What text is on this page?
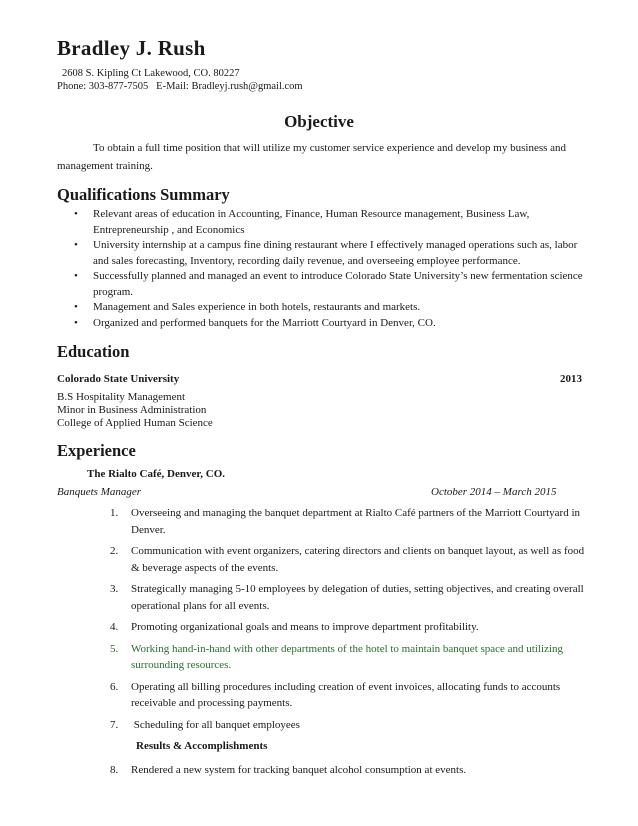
Bradley J. Rush
2608 S. Kipling Ct Lakewood, CO. 80227
Phone: 303-877-7505   E-Mail: Bradleyj.rush@gmail.com
Objective
To obtain a full time position that will utilize my customer service experience and develop my business and management training.
Qualifications Summary
• Relevant areas of education in Accounting, Finance, Human Resource management, Business Law, Entrepreneurship , and Economics
• University internship at a campus fine dining restaurant where I effectively managed operations such as, labor and sales forecasting, Inventory, recording daily revenue, and overseeing employee performance.
• Successfully planned and managed an event to introduce Colorado State University’s new fermentation science program.
• Management and Sales experience in both hotels, restaurants and markets.
• Organized and performed banquets for the Marriott Courtyard in Denver, CO.
Education
Colorado State University	2013
B.S Hospitality Management
Minor in Business Administration
College of Applied Human Science
Experience
The Rialto Café, Denver, CO.
Banquets Manager	October 2014 – March 2015
1. Overseeing and managing the banquet department at Rialto Café partners of the Marriott Courtyard in Denver.
2. Communication with event organizers, catering directors and clients on banquet layout, as well as food & beverage aspects of the events.
3. Strategically managing 5-10 employees by delegation of duties, setting objectives, and creating overall operational plans for all events.
4. Promoting organizational goals and means to improve department profitability.
5. Working hand-in-hand with other departments of the hotel to maintain banquet space and utilizing surrounding resources.
6. Operating all billing procedures including creation of event invoices, allocating funds to accounts receivable and processing payments.
7. Scheduling for all banquet employees
Results & Accomplishments
8. Rendered a new system for tracking banquet alcohol consumption at events.
